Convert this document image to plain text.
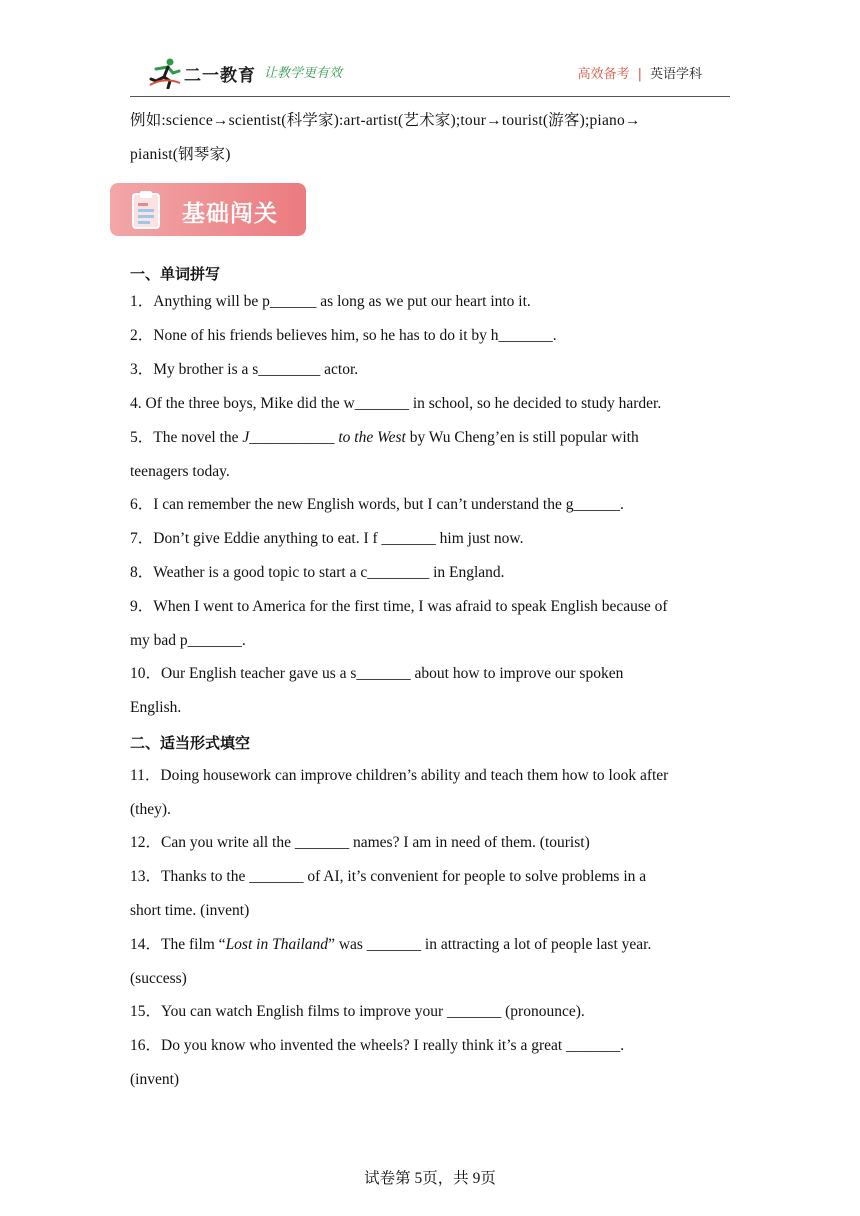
二一教育 让教学更有效	高效备考 | 英语学科
例如:science→scientist(科学家):art-artist(艺术家);tour→tourist(游客);piano→
pianist(钢琴家)
基础闯关
一、单词拼写
1．Anything will be p______ as long as we put our heart into it.
2．None of his friends believes him, so he has to do it by h_______.
3．My brother is a s________ actor.
4. Of the three boys, Mike did the w_______ in school, so he decided to study harder.
5．The novel the J___________ to the West by Wu Cheng’en is still popular with
teenagers today.
6．I can remember the new English words, but I can’t understand the g______.
7．Don’t give Eddie anything to eat. I f _______ him just now.
8．Weather is a good topic to start a c________ in England.
9．When I went to America for the first time, I was afraid to speak English because of
my bad p_______.
10．Our English teacher gave us a s_______ about how to improve our spoken
English.
二、适当形式填空
11．Doing housework can improve children’s ability and teach them how to look after
(they).
12．Can you write all the _______ names? I am in need of them. (tourist)
13．Thanks to the _______ of AI, it’s convenient for people to solve problems in a
short time. (invent)
14．The film “Lost in Thailand” was _______ in attracting a lot of people last year.
(success)
15．You can watch English films to improve your _______ (pronounce).
16．Do you know who invented the wheels? I really think it’s a great _______.
(invent)
试卷第 5页，共 9页
